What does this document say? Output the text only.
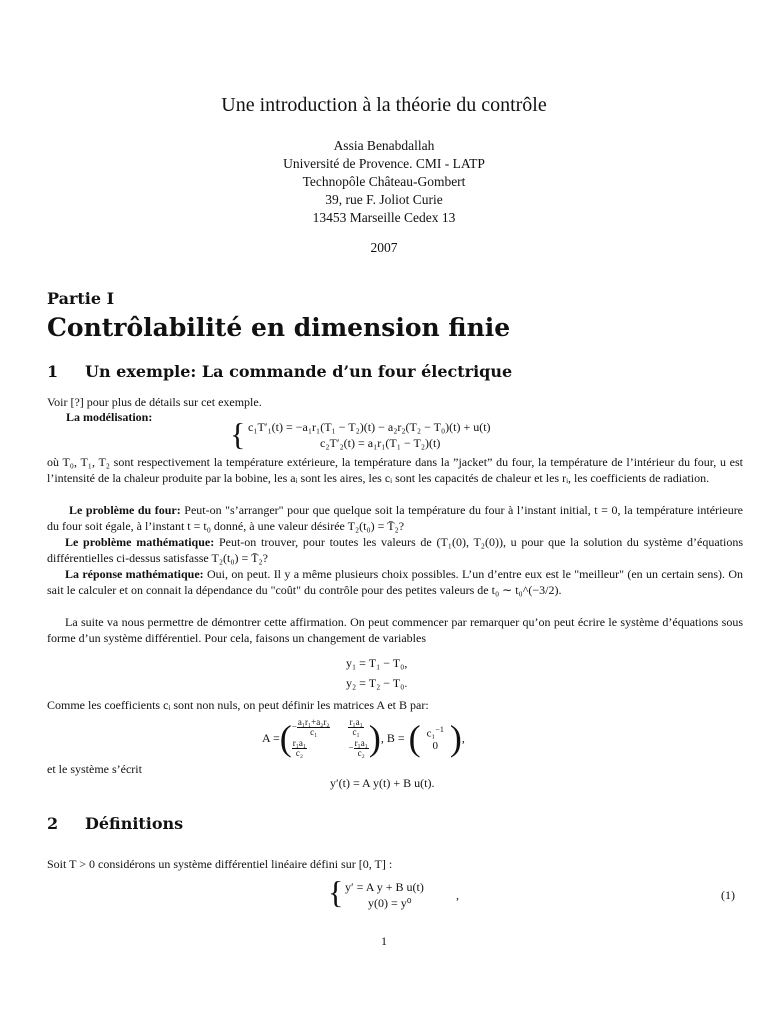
Une introduction à la théorie du contrôle
Assia Benabdallah
Université de Provence. CMI - LATP
Technopôle Château-Gombert
39, rue F. Joliot Curie
13453 Marseille Cedex 13
2007
Partie I
Contrôlabilité en dimension finie
1 Un exemple: La commande d’un four électrique
Voir [?] pour plus de détails sur cet exemple.
La modélisation: { c₁T′₁(t) = −a₁r₁(T₁ − T₂)(t) − a₂r₂(T₂ − T₀)(t) + u(t)
c₂T′₂(t) = a₁r₁(T₁ − T₂)(t)
où T₀, T₁, T₂ sont respectivement la température extérieure, la température dans la ”jacket” du four, la température de l’intérieur du four, u est l’intensité de la chaleur produite par la bobine, les aᵢ sont les aires, les cᵢ sont les capacités de chaleur et les rᵢ, les coefficients de radiation.
Le problème du four: Peut-on "s’arranger" pour que quelque soit la température du four à l’instant initial, t = 0, la température intérieure du four soit égale, à l’instant t = t₀ donné, à une valeur désirée T₂(t₀) = T̄₂?
Le problème mathématique: Peut-on trouver, pour toutes les valeurs de (T₁(0), T₂(0)), u pour que la solution du système d’équations différentielles ci-dessus satisfasse T₂(t₀) = T̄₂?
La réponse mathématique: Oui, on peut. Il y a même plusieurs choix possibles. L’un d’entre eux est le "meilleur" (en un certain sens). On sait le calculer et on connait la dépendance du "coût" du contrôle pour des petites valeurs de t₀ ∼ t₀^(−3/2).
La suite va nous permettre de démontrer cette affirmation. On peut commencer par remarquer qu’on peut écrire le système d’équations sous forme d’un système différentiel. Pour cela, faisons un changement de variables
y₁ = T₁ − T₀,
y₂ = T₂ − T₀.
Comme les coefficients cᵢ sont non nuls, on peut définir les matrices A et B par:
A = ( − $\frac{\text{a₁r₁+a₂r₂}}{\text{c₁}} \frac{\text{r₁a₁}}{\text{c₁}}$
$\frac{\text{r₁a₁}}{\text{c₂}}$	− $\frac{\text{r₁a₁}}{\text{c₂}}$ ) , B = ( c₁$^{-1}$
0 ) ,
et le système s’écrit
y′(t) = A y(t) + B u(t).
2 Définitions
Soit T > 0 considérons un système différentiel linéaire défini sur [0, T] :
{ y′ = A y + B u(t)
y(0) = y⁰
,	(1)
1
